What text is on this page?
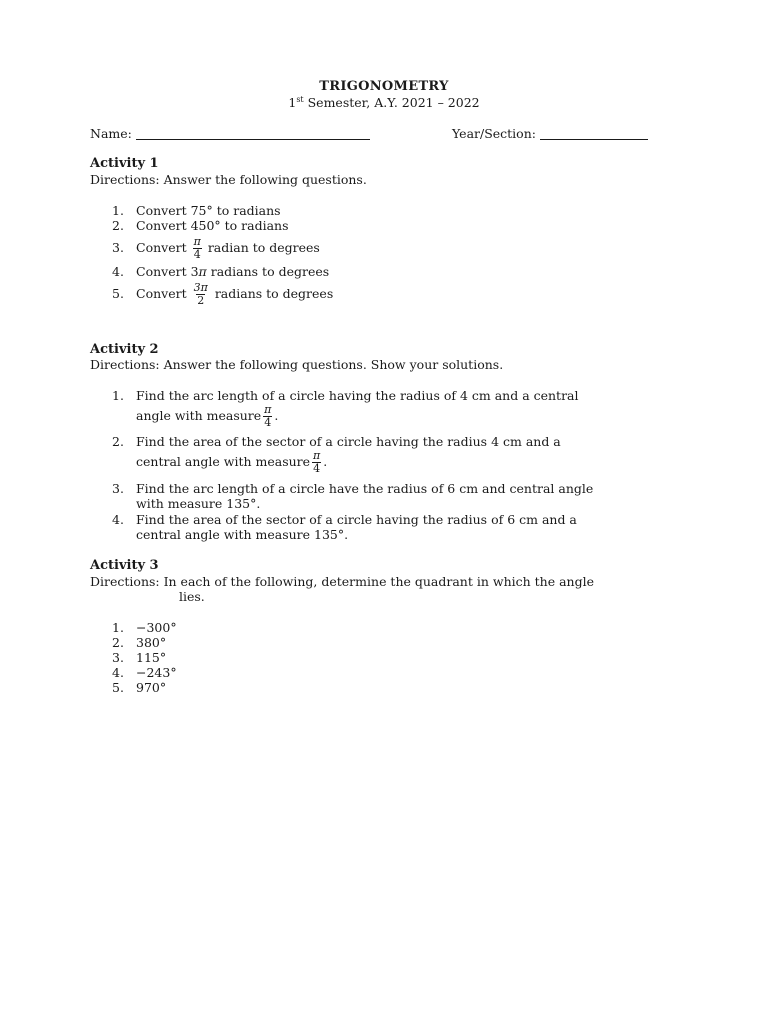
TRIGONOMETRY
1st Semester, A.Y. 2021 – 2022
Name:	Year/Section:
Activity 1
Directions: Answer the following questions.
1. Convert 75° to radians
2. Convert 450° to radians
3. Convert $\frac{\pi}{4}$ radian to degrees
4. Convert 3π radians to degrees
5. Convert $\frac{3\pi}{2}$ radians to degrees
Activity 2
Directions: Answer the following questions. Show your solutions.
1. Find the arc length of a circle having the radius of 4 cm and a central
angle with measure $\frac{\pi}{4}$ .
2. Find the area of the sector of a circle having the radius 4 cm and a
central angle with measure $\frac{\pi}{4}$ .
3. Find the arc length of a circle have the radius of 6 cm and central angle
with measure 135°.
4. Find the area of the sector of a circle having the radius of 6 cm and a
central angle with measure 135°.
Activity 3
Directions: In each of the following, determine the quadrant in which the angle
lies.
1. −300°
2. 380°
3. 115°
4. −243°
5. 970°
